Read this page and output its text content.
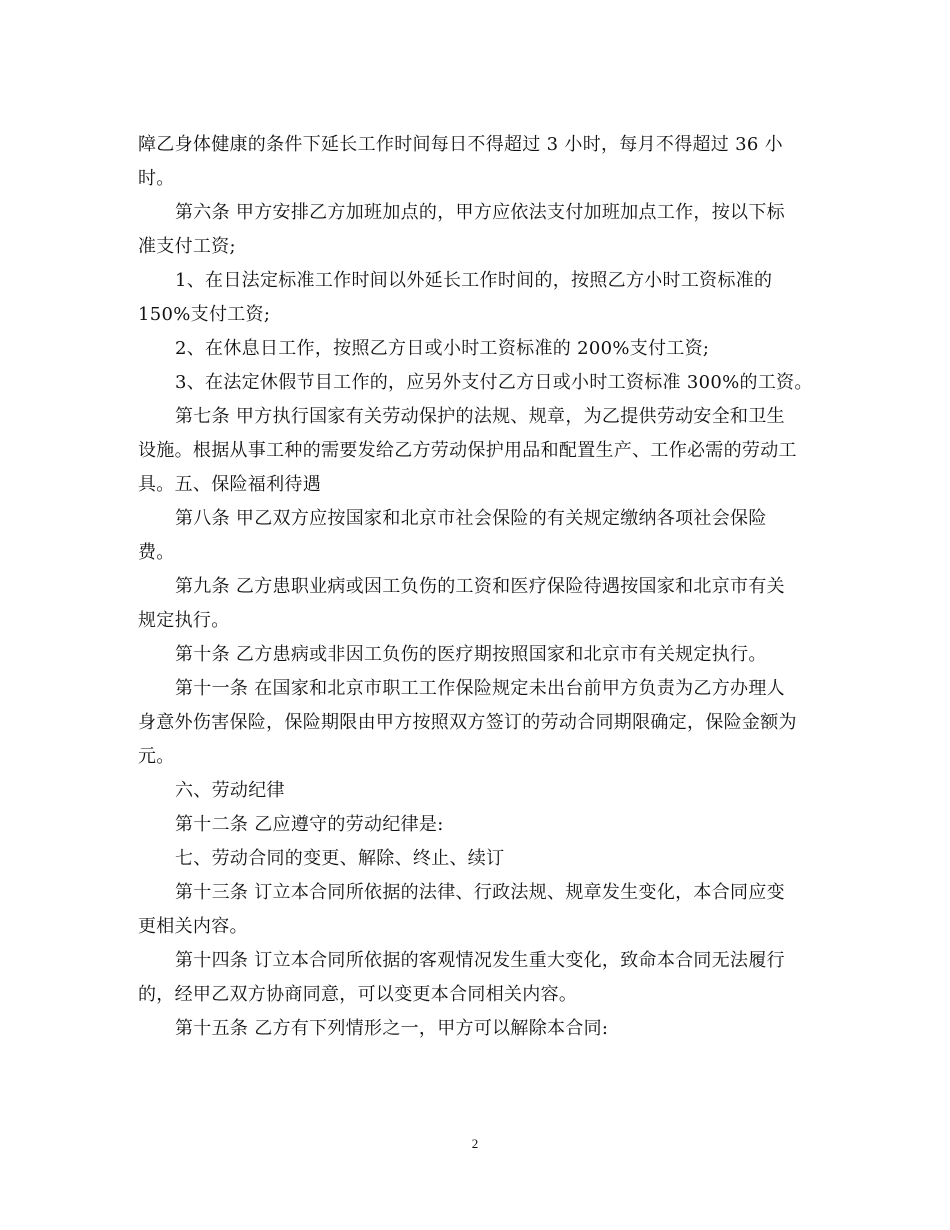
障乙身体健康的条件下延长工作时间每日不得超过 3 小时，每月不得超过 36 小
时。
第六条 甲方安排乙方加班加点的，甲方应依法支付加班加点工作，按以下标
准支付工资;
1、在日法定标准工作时间以外延长工作时间的，按照乙方小时工资标准的
150%支付工资;
2、在休息日工作，按照乙方日或小时工资标准的 200%支付工资;
3、在法定休假节目工作的，应另外支付乙方日或小时工资标准 300%的工资。
第七条 甲方执行国家有关劳动保护的法规、规章，为乙提供劳动安全和卫生
设施。根据从事工种的需要发给乙方劳动保护用品和配置生产、工作必需的劳动工
具。五、保险福利待遇
第八条 甲乙双方应按国家和北京市社会保险的有关规定缴纳各项社会保险
费。
第九条 乙方患职业病或因工负伤的工资和医疗保险待遇按国家和北京市有关
规定执行。
第十条 乙方患病或非因工负伤的医疗期按照国家和北京市有关规定执行。
第十一条 在国家和北京市职工工作保险规定未出台前甲方负责为乙方办理人
身意外伤害保险，保险期限由甲方按照双方签订的劳动合同期限确定，保险金额为
元。
六、劳动纪律
第十二条 乙应遵守的劳动纪律是:
七、劳动合同的变更、解除、终止、续订
第十三条 订立本合同所依据的法律、行政法规、规章发生变化，本合同应变
更相关内容。
第十四条 订立本合同所依据的客观情况发生重大变化，致命本合同无法履行
的，经甲乙双方协商同意，可以变更本合同相关内容。
第十五条 乙方有下列情形之一，甲方可以解除本合同:
2
